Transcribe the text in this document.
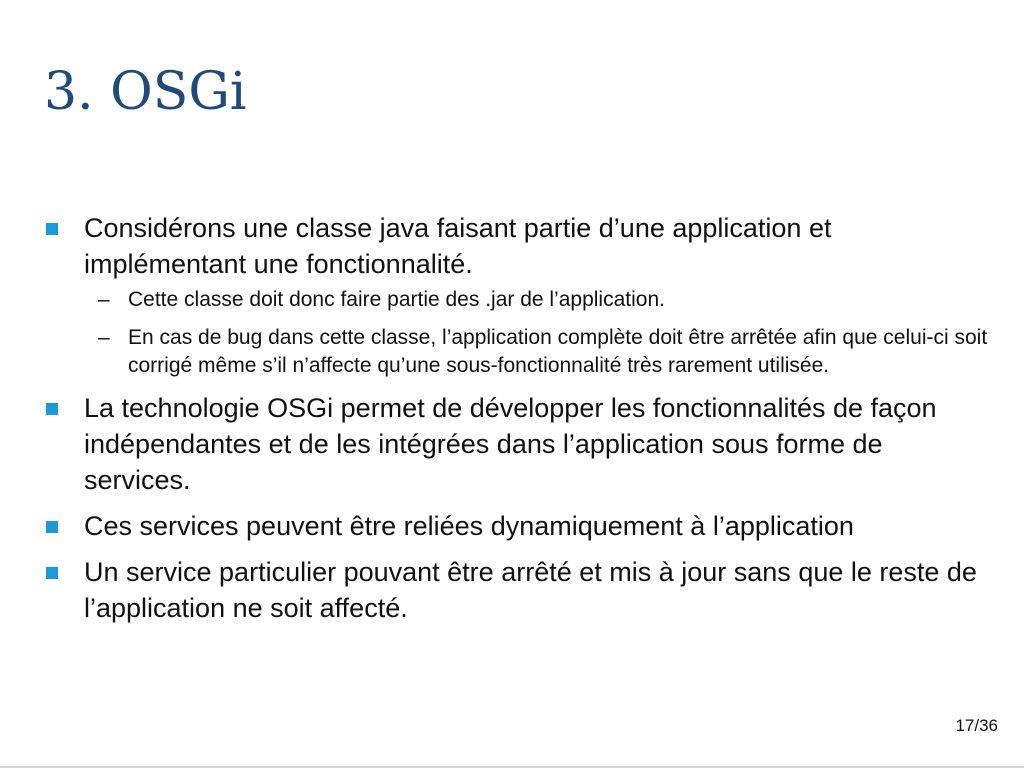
3. OSGi
Considérons une classe java faisant partie d’une application et implémentant une fonctionnalité.
– Cette classe doit donc faire partie des .jar de l’application.
– En cas de bug dans cette classe, l’application complète doit être arrêtée afin que celui-ci soit corrigé même s’il n’affecte qu’une sous-fonctionnalité très rarement utilisée.
La technologie OSGi permet de développer les fonctionnalités de façon indépendantes et de les intégrées dans l’application sous forme de services.
Ces services peuvent être reliées dynamiquement à l’application
Un service particulier pouvant être arrêté et mis à jour sans que le reste de l’application ne soit affecté.
17/36
